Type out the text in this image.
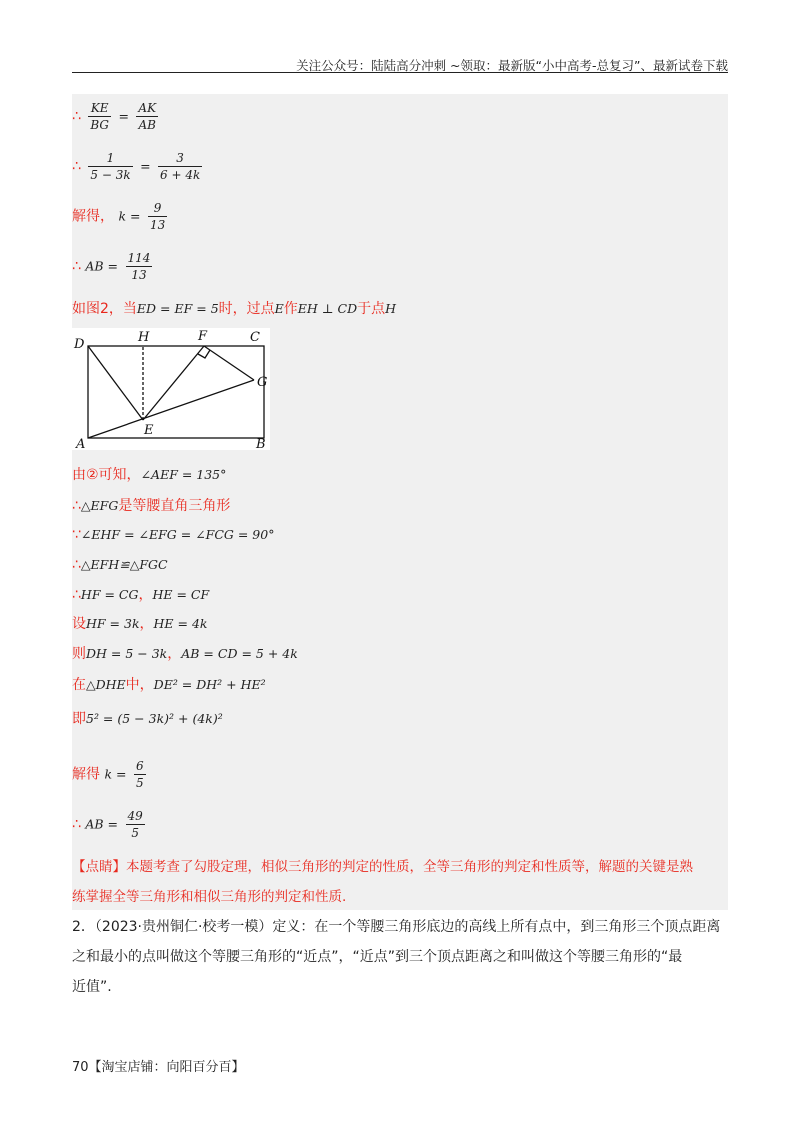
关注公众号：陆陆高分冲刺 ~领取：最新版“小中高考-总复习”、最新试卷下载
∴ $\frac{KE}{BG} = \frac{AK}{AB}$
∴ $\frac{1}{5 - 3k} = \frac{3}{6 + 4k}$
解得， $k = \frac{9}{13}$
∴ AB = $\frac{114}{13}$
如图2，当ED = EF = 5时，过点E作EH ⊥ CD于点H
D	H	F	C
G
E
A	B
由②可知，∠AEF = 135°
∴△EFG是等腰直角三角形
∵∠EHF = ∠EFG = ∠FCG = 90°
∴△EFH≌△FGC
∴HF = CG，HE = CF
设HF = 3k，HE = 4k
则DH = 5 − 3k，AB = CD = 5 + 4k
在△DHE中，DE² = DH² + HE²
即5² = (5 − 3k)² + (4k)²
解得 $k = \frac{6}{5}$
∴ AB = $\frac{49}{5}$
【点睛】本题考查了勾股定理，相似三角形的判定的性质，全等三角形的判定和性质等，解题的关键是熟
练掌握全等三角形和相似三角形的判定和性质.
2．（2023·贵州铜仁·校考一模）定义：在一个等腰三角形底边的高线上所有点中，到三角形三个顶点距离
之和最小的点叫做这个等腰三角形的“近点”，“近点”到三个顶点距离之和叫做这个等腰三角形的“最
近值”.
70【淘宝店铺：向阳百分百】
